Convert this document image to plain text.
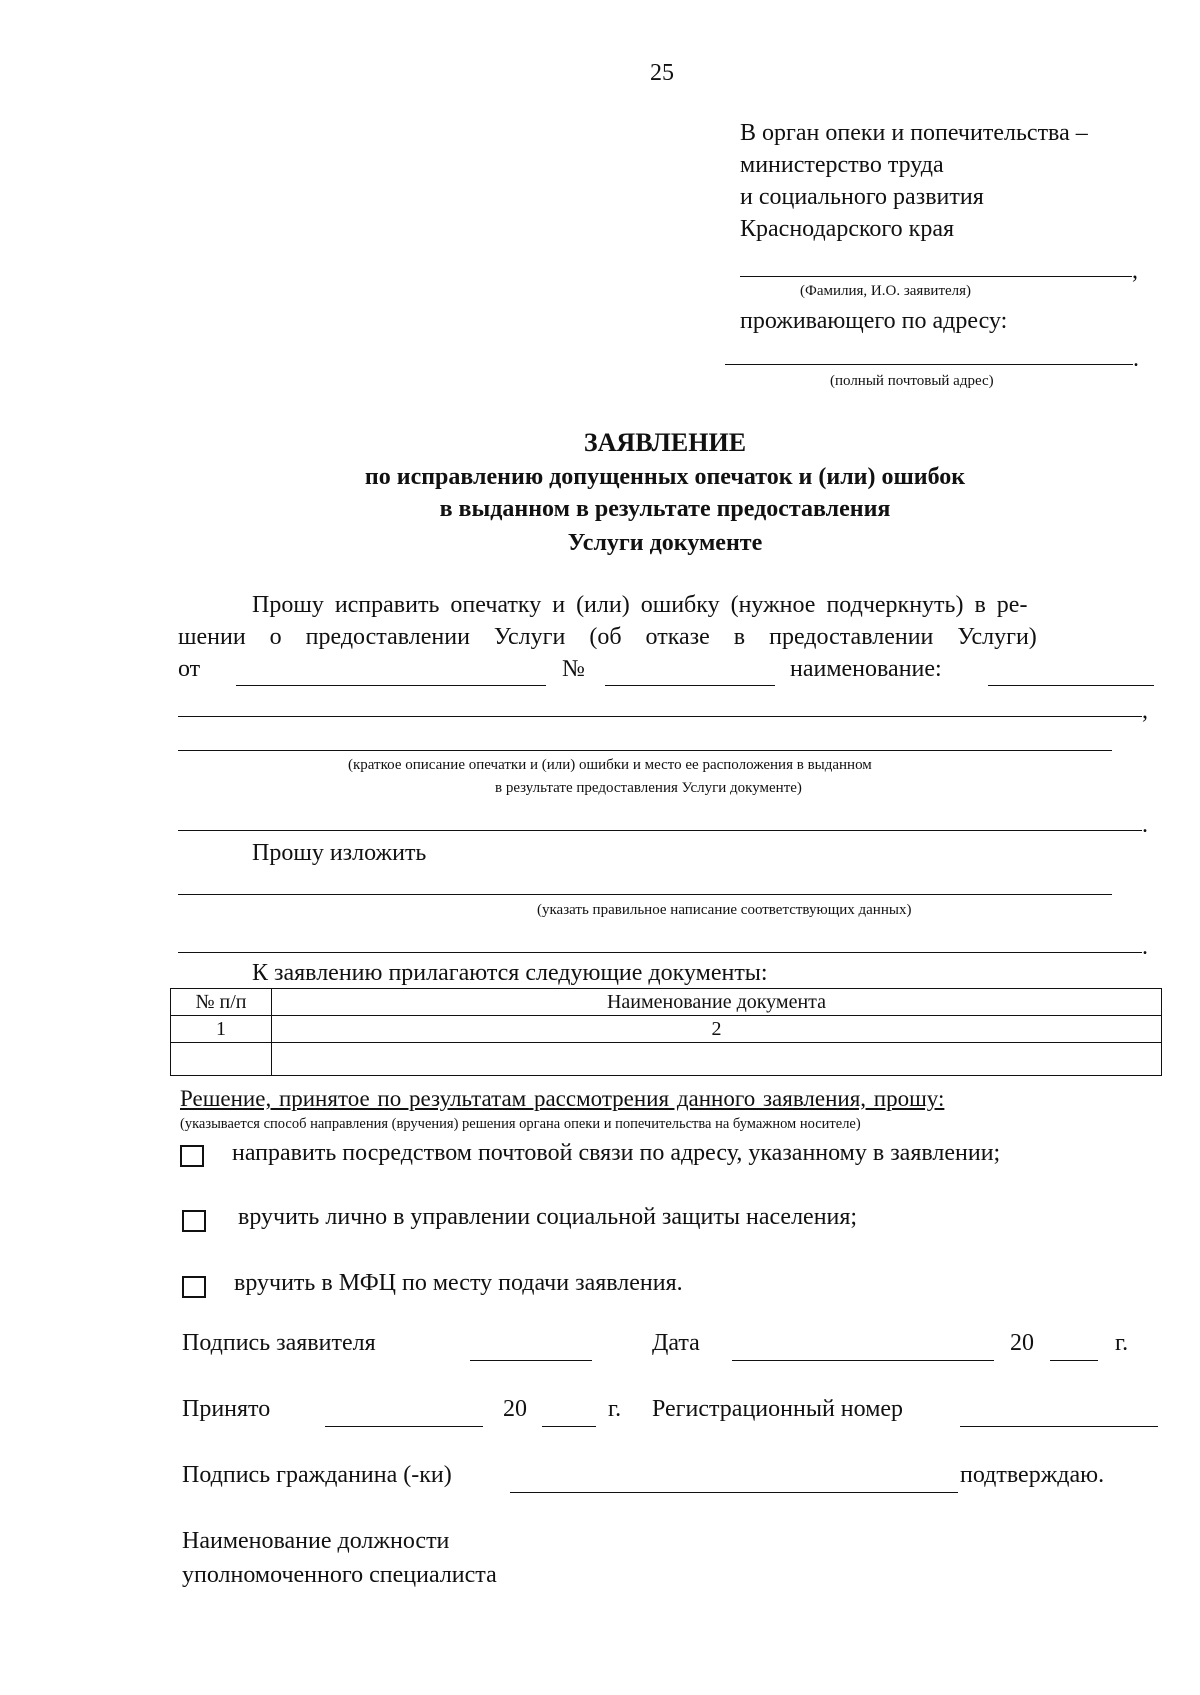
25
В орган опеки и попечительства –
министерство труда
и социального развития
Краснодарского края
,
(Фамилия, И.О. заявителя)
проживающего по адресу:
.
(полный почтовый адрес)
ЗАЯВЛЕНИЕ
по исправлению допущенных опечаток и (или) ошибок
в выданном в результате предоставления
Услуги документе
Прошу исправить опечатку и (или) ошибку (нужное подчеркнуть) в ре-
шении о предоставлении Услуги (об отказе в предоставлении Услуги)
от	№	наименование:
,
(краткое описание опечатки и (или) ошибки и место ее расположения в выданном
в результате предоставления Услуги документе)
.
Прошу изложить
(указать правильное написание соответствующих данных)
.
К заявлению прилагаются следующие документы:
№ п/п	Наименование документа
1	2

Решение, принятое по результатам рассмотрения данного заявления, прошу:
(указывается способ направления (вручения) решения органа опеки и попечительства на бумажном носителе)
направить посредством почтовой связи по адресу, указанному в заявлении;
вручить лично в управлении социальной защиты населения;
вручить в МФЦ по месту подачи заявления.
Подпись заявителя	Дата	20	г.
Принято	20	г. Регистрационный номер
Подпись гражданина (-ки)	подтверждаю.
Наименование должности
уполномоченного специалиста
